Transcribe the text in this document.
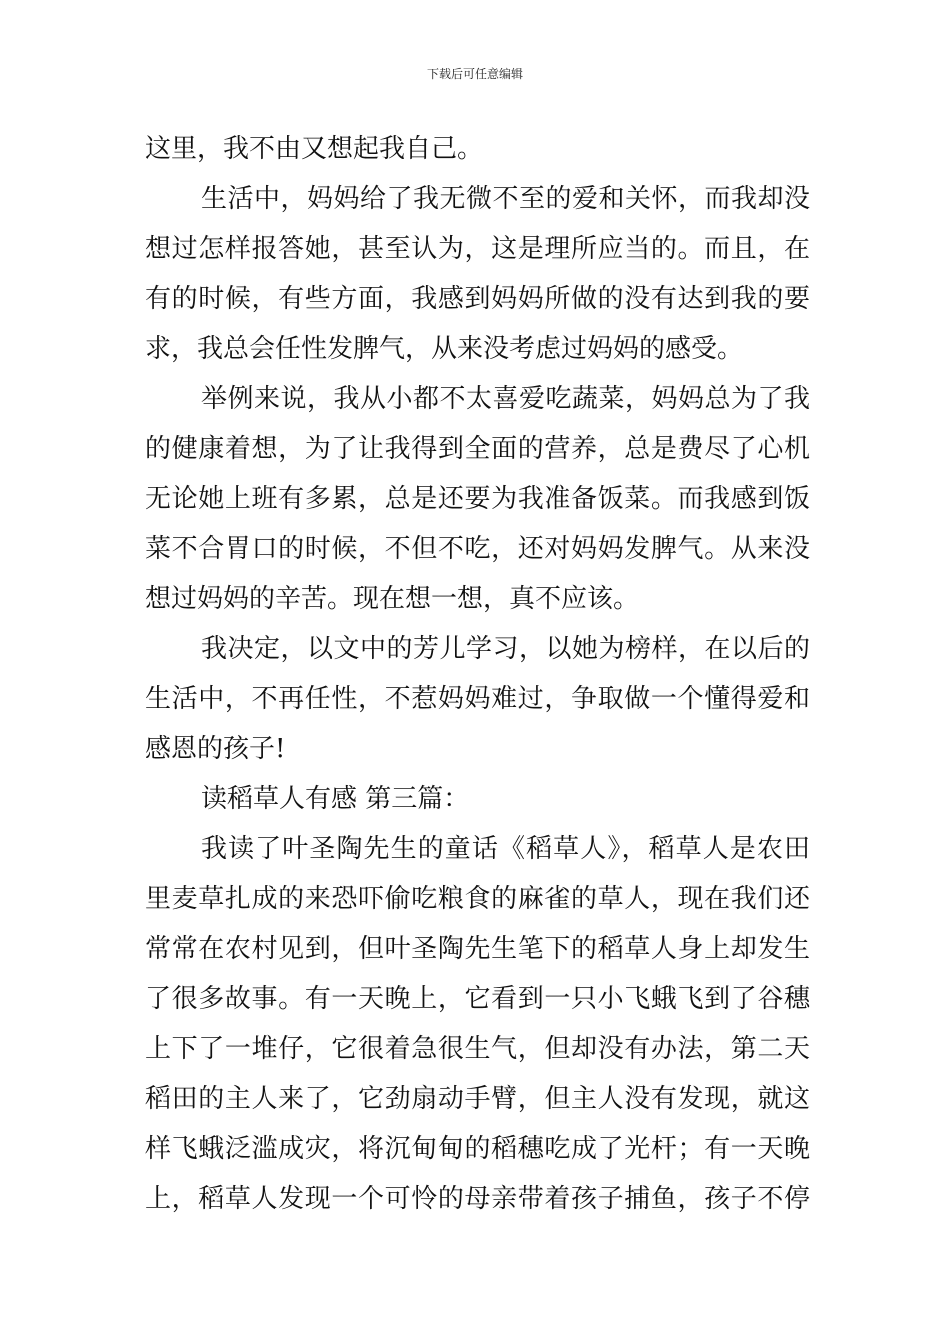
下载后可任意编辑
这里，我不由又想起我自己。
生活中，妈妈给了我无微不至的爱和关怀，而我却没
想过怎样报答她，甚至认为，这是理所应当的。而且，在
有的时候，有些方面，我感到妈妈所做的没有达到我的要
求，我总会任性发脾气，从来没考虑过妈妈的感受。
举例来说，我从小都不太喜爱吃蔬菜，妈妈总为了我
的健康着想，为了让我得到全面的营养，总是费尽了心机
无论她上班有多累，总是还要为我准备饭菜。而我感到饭
菜不合胃口的时候，不但不吃，还对妈妈发脾气。从来没
想过妈妈的辛苦。现在想一想，真不应该。
我决定，以文中的芳儿学习，以她为榜样，在以后的
生活中，不再任性，不惹妈妈难过，争取做一个懂得爱和
感恩的孩子!
读稻草人有感 第三篇：
我读了叶圣陶先生的童话《稻草人》，稻草人是农田
里麦草扎成的来恐吓偷吃粮食的麻雀的草人，现在我们还
常常在农村见到，但叶圣陶先生笔下的稻草人身上却发生
了很多故事。有一天晚上，它看到一只小飞蛾飞到了谷穗
上下了一堆仔，它很着急很生气，但却没有办法，第二天
稻田的主人来了，它劲扇动手臂，但主人没有发现，就这
样飞蛾泛滥成灾，将沉甸甸的稻穗吃成了光杆；有一天晚
上，稻草人发现一个可怜的母亲带着孩子捕鱼，孩子不停
